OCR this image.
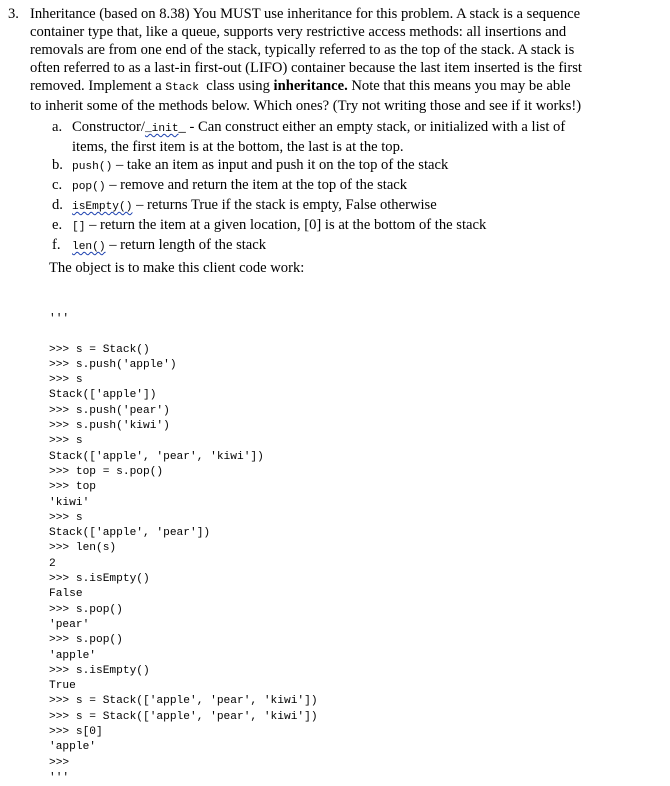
3. Inheritance (based on 8.38) You MUST use inheritance for this problem. A stack is a sequence
container type that, like a queue, supports very restrictive access methods: all insertions and
removals are from one end of the stack, typically referred to as the top of the stack. A stack is
often referred to as a last-in first-out (LIFO) container because the last item inserted is the first
removed. Implement a Stack class using inheritance. Note that this means you may be able
to inherit some of the methods below. Which ones? (Try not writing those and see if it works!)
a. Constructor/_init_ - Can construct either an empty stack, or initialized with a list of
items, the first item is at the bottom, the last is at the top.
b. push() – take an item as input and push it on the top of the stack
c. pop() – remove and return the item at the top of the stack
d. isEmpty() – returns True if the stack is empty, False otherwise
e. [] – return the item at a given location, [0] is at the bottom of the stack
f. len() – return length of the stack
The object is to make this client code work:
'''
>>> s = Stack()
>>> s.push('apple')
>>> s
Stack(['apple'])
>>> s.push('pear')
>>> s.push('kiwi')
>>> s
Stack(['apple', 'pear', 'kiwi'])
>>> top = s.pop()
>>> top
'kiwi'
>>> s
Stack(['apple', 'pear'])
>>> len(s)
2
>>> s.isEmpty()
False
>>> s.pop()
'pear'
>>> s.pop()
'apple'
>>> s.isEmpty()
True
>>> s = Stack(['apple', 'pear', 'kiwi'])
>>> s = Stack(['apple', 'pear', 'kiwi'])
>>> s[0]
'apple'
>>>
'''
